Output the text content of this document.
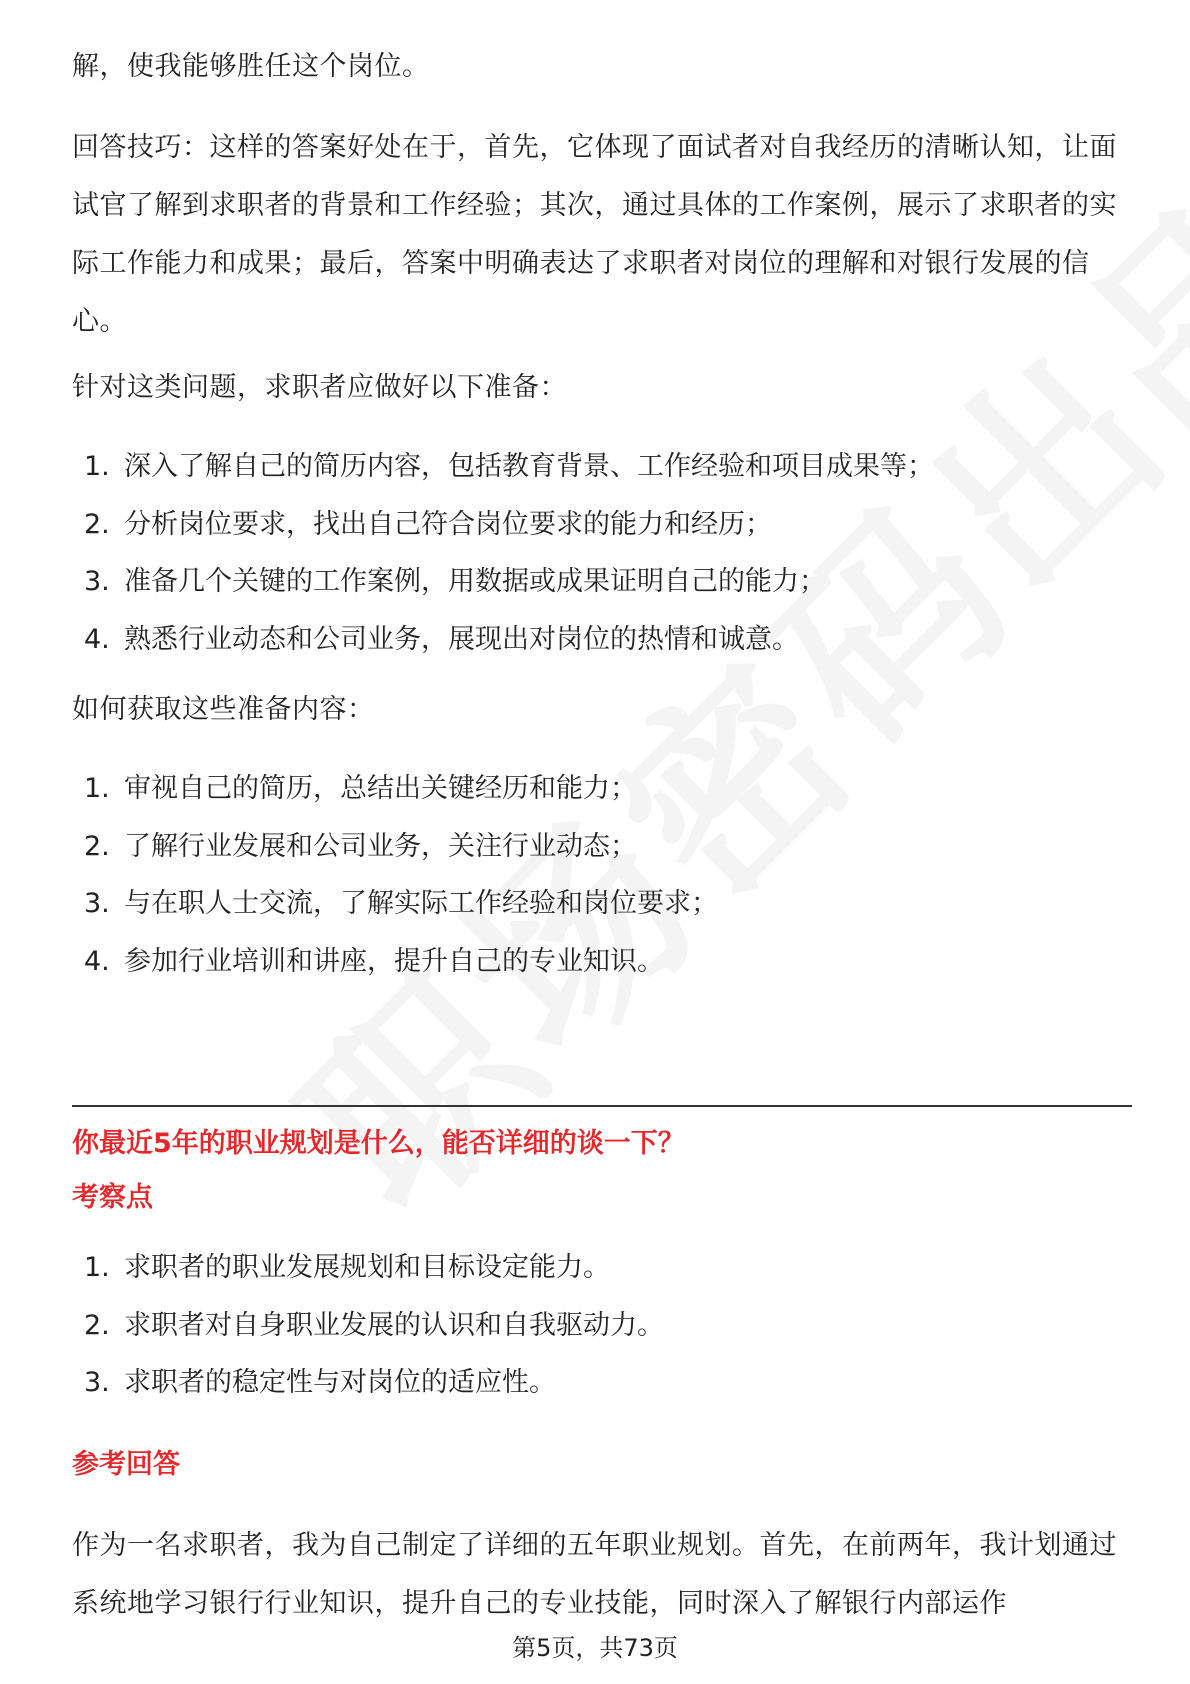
解，使我能够胜任这个岗位。

回答技巧：这样的答案好处在于，首先，它体现了面试者对自我经历的清晰认知，让面试官了解到求职者的背景和工作经验；其次，通过具体的工作案例，展示了求职者的实际工作能力和成果；最后，答案中明确表达了求职者对岗位的理解和对银行发展的信心。

针对这类问题，求职者应做好以下准备：

1. 深入了解自己的简历内容，包括教育背景、工作经验和项目成果等；
2. 分析岗位要求，找出自己符合岗位要求的能力和经历；
3. 准备几个关键的工作案例，用数据或成果证明自己的能力；
4. 熟悉行业动态和公司业务，展现出对岗位的热情和诚意。

如何获取这些准备内容：

1. 审视自己的简历，总结出关键经历和能力；
2. 了解行业发展和公司业务，关注行业动态；
3. 与在职人士交流，了解实际工作经验和岗位要求；
4. 参加行业培训和讲座，提升自己的专业知识。

你最近5年的职业规划是什么，能否详细的谈一下？

考察点

1. 求职者的职业发展规划和目标设定能力。
2. 求职者对自身职业发展的认识和自我驱动力。
3. 求职者的稳定性与对岗位的适应性。

参考回答

作为一名求职者，我为自己制定了详细的五年职业规划。首先，在前两年，我计划通过系统地学习银行行业知识，提升自己的专业技能，同时深入了解银行内部运作

第5页，共73页
